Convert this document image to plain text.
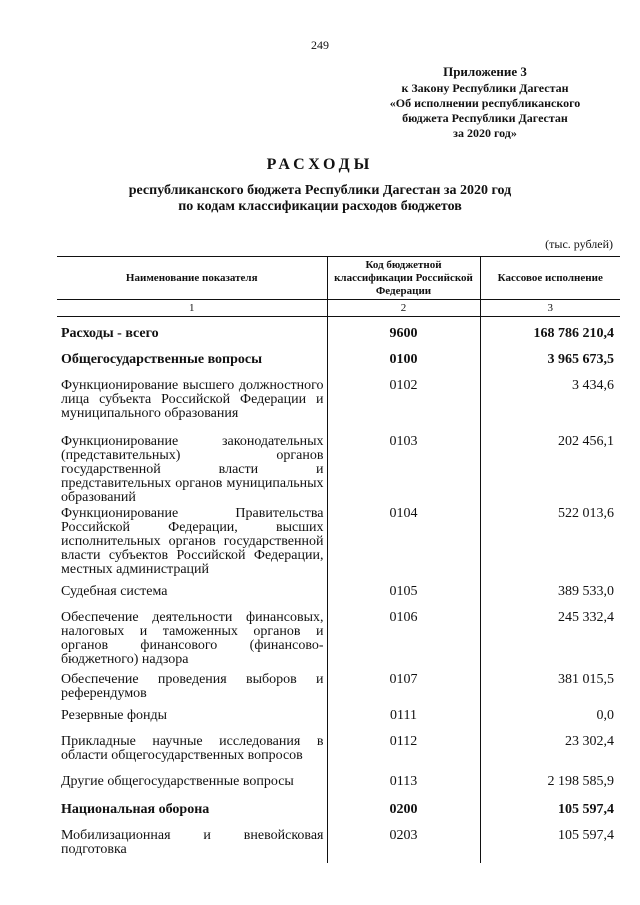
249
Приложение 3
к Закону Республики Дагестан
«Об исполнении республиканского
бюджета Республики Дагестан
за 2020 год»
РАСХОДЫ
республиканского бюджета Республики Дагестан за 2020 год
по кодам классификации расходов бюджетов
(тыс. рублей)
Наименование показателя	Код бюджетной классификации Российской Федерации	Кассовое исполнение
1	2	3
Расходы - всего	9600	168 786 210,4
Общегосударственные вопросы	0100	3 965 673,5
Функционирование высшего должностного лица субъекта Российской Федерации и муниципального образования	0102	3 434,6
Функционирование законодательных (представительных) органов государственной власти и представительных органов муниципальных образований	0103	202 456,1
Функционирование Правительства Российской Федерации, высших исполнительных органов государственной власти субъектов Российской Федерации, местных администраций	0104	522 013,6
Судебная система	0105	389 533,0
Обеспечение деятельности финансовых, налоговых и таможенных органов и органов финансового (финансово-бюджетного) надзора	0106	245 332,4
Обеспечение проведения выборов и референдумов	0107	381 015,5
Резервные фонды	0111	0,0
Прикладные научные исследования в области общегосударственных вопросов	0112	23 302,4
Другие общегосударственные вопросы	0113	2 198 585,9
Национальная оборона	0200	105 597,4
Мобилизационная и вневойсковая подготовка	0203	105 597,4
